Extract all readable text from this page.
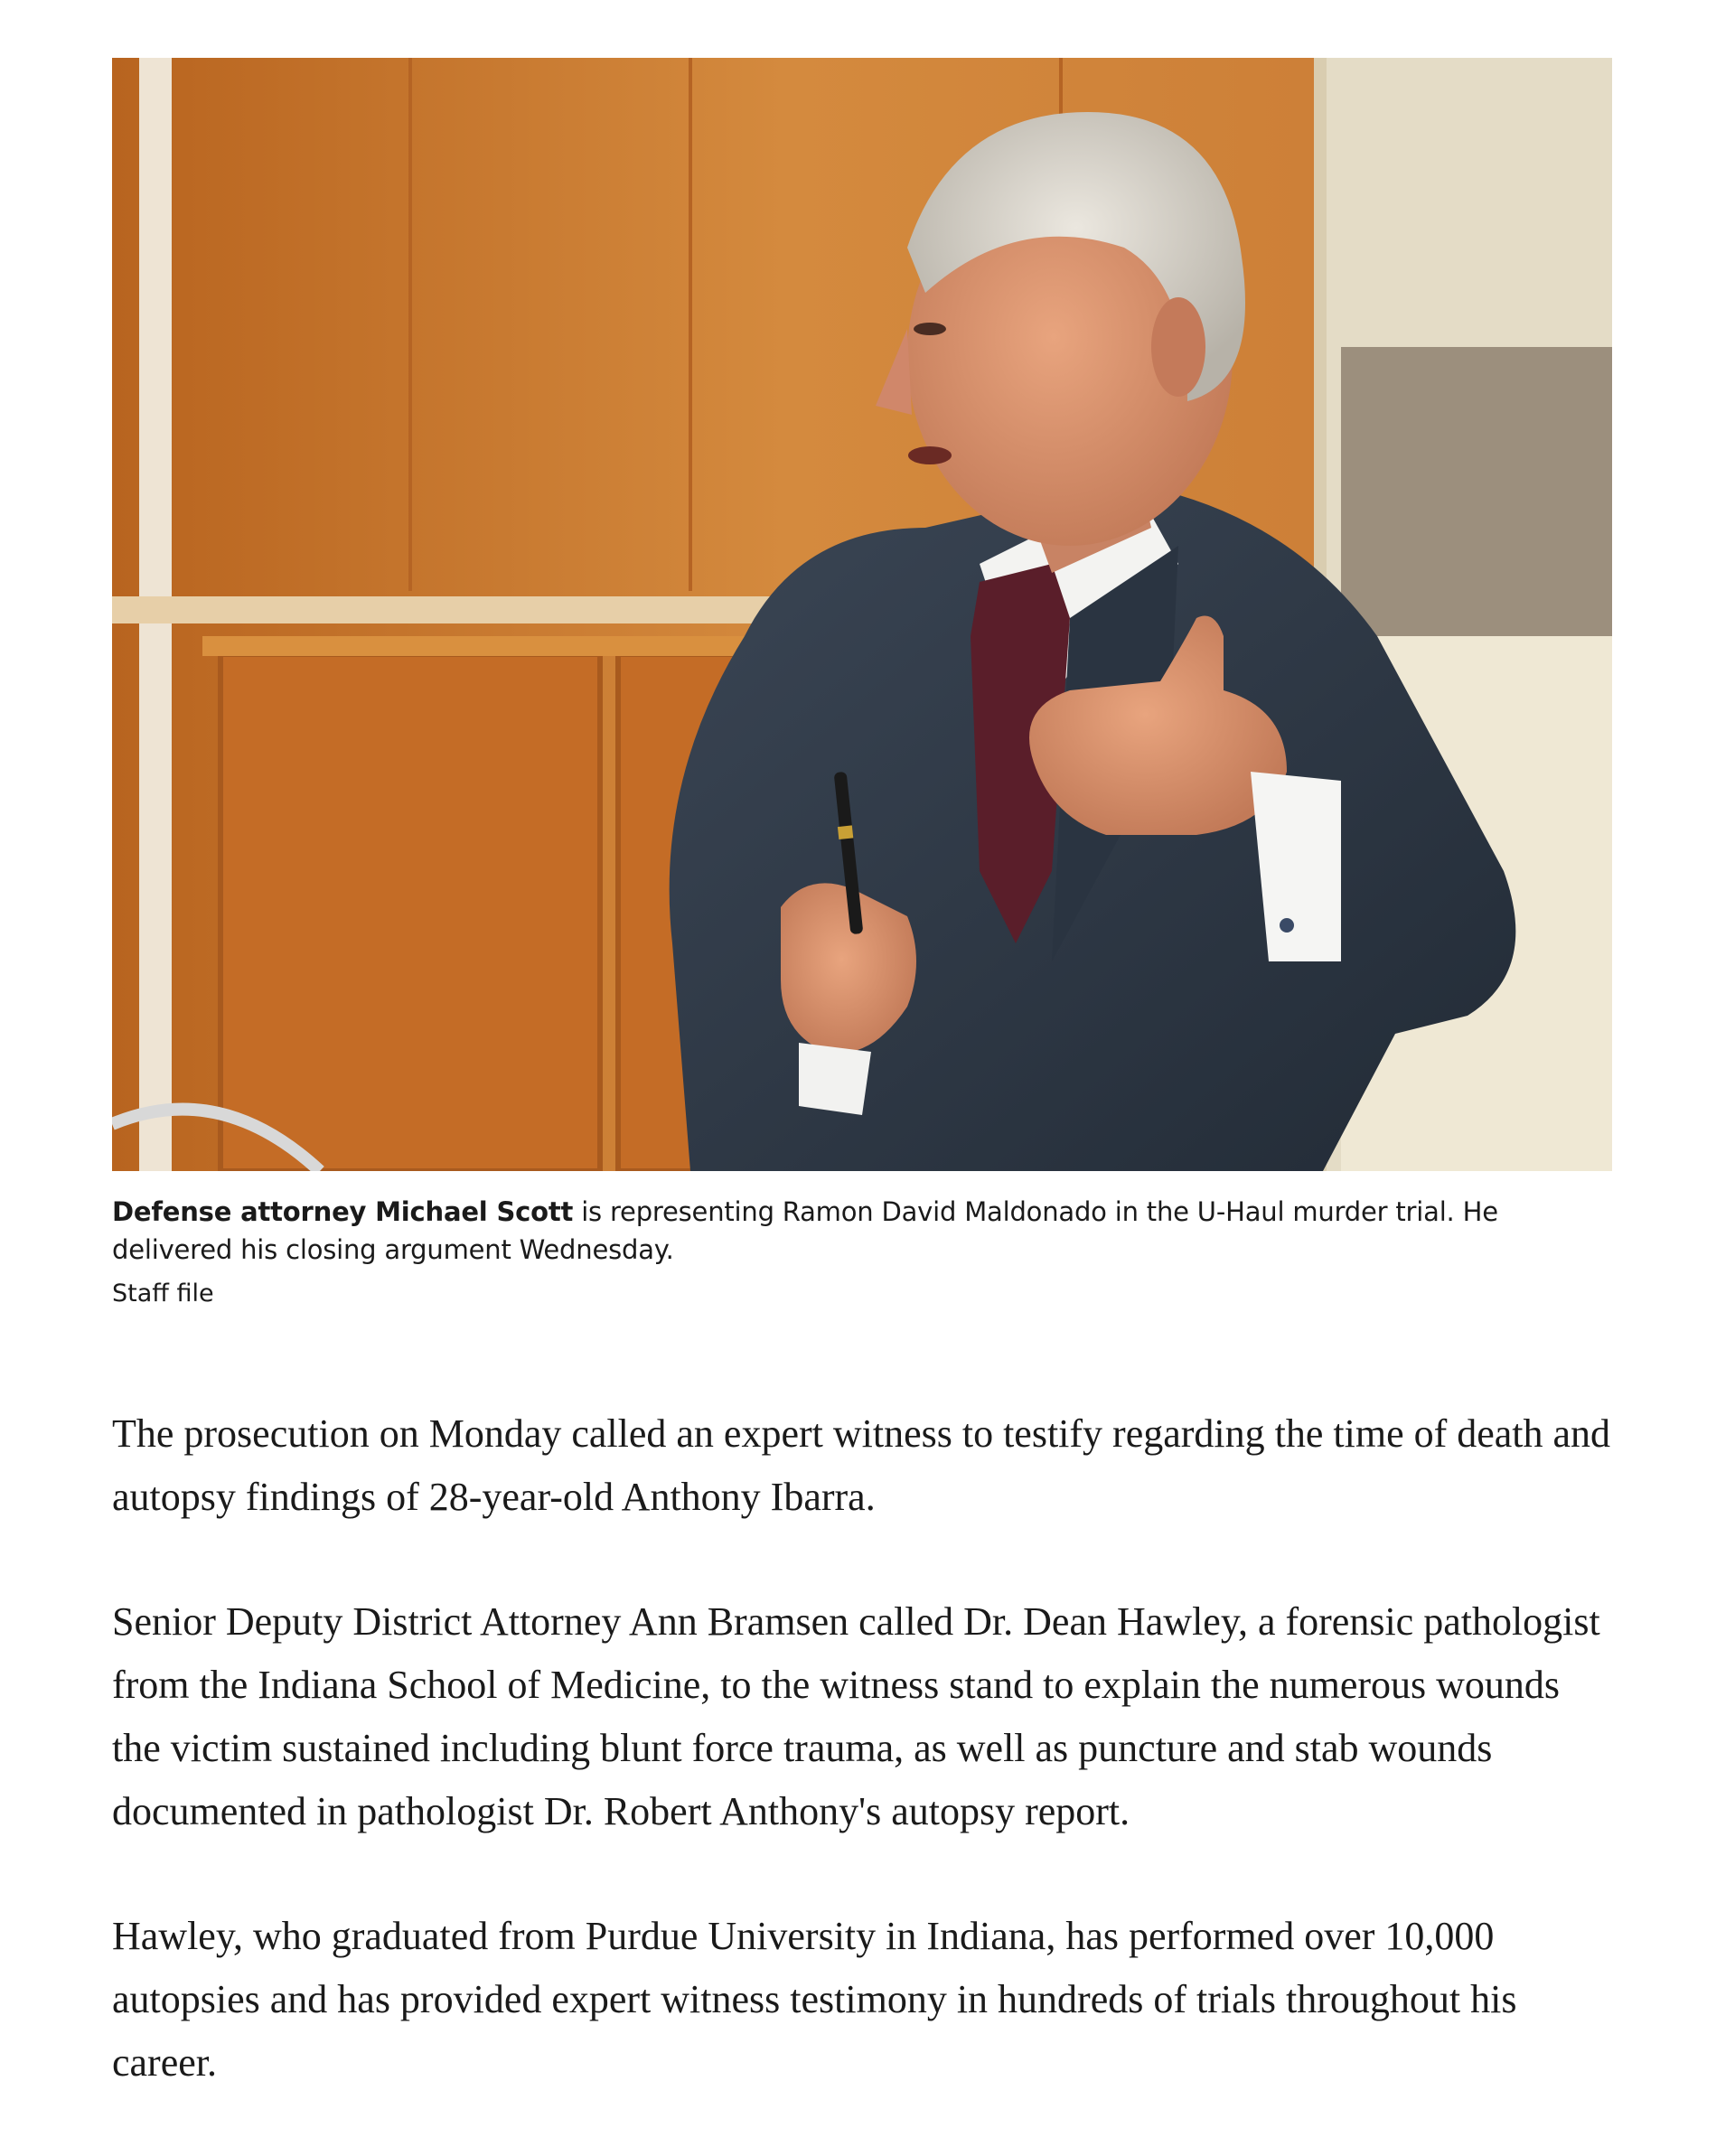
Defense attorney Michael Scott is representing Ramon David Maldonado in the U-Haul murder trial. He delivered his closing argument Wednesday.
Staff file

The prosecution on Monday called an expert witness to testify regarding the time of death and autopsy findings of 28-year-old Anthony Ibarra.

Senior Deputy District Attorney Ann Bramsen called Dr. Dean Hawley, a forensic pathologist from the Indiana School of Medicine, to the witness stand to explain the numerous wounds the victim sustained including blunt force trauma, as well as puncture and stab wounds documented in pathologist Dr. Robert Anthony's autopsy report.

Hawley, who graduated from Purdue University in Indiana, has performed over 10,000 autopsies and has provided expert witness testimony in hundreds of trials throughout his career.
